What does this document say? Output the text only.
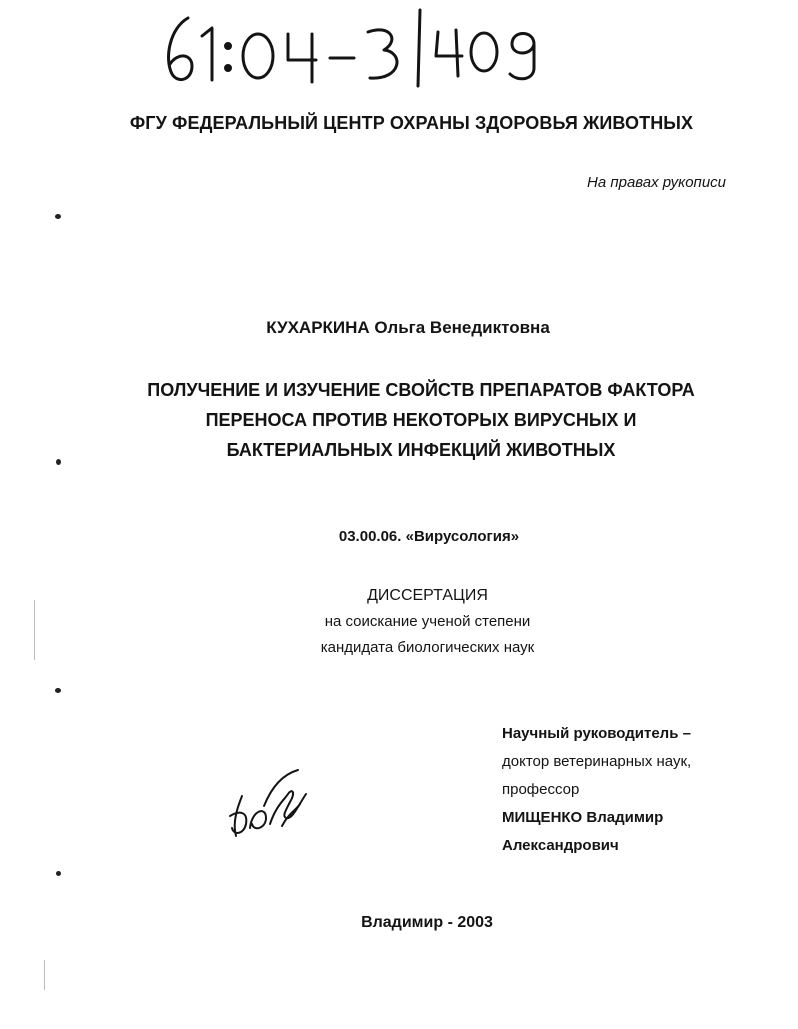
ФГУ ФЕДЕРАЛЬНЫЙ ЦЕНТР ОХРАНЫ ЗДОРОВЬЯ ЖИВОТНЫХ
На правах рукописи
КУХАРКИНА Ольга Венедиктовна
ПОЛУЧЕНИЕ И ИЗУЧЕНИЕ СВОЙСТВ ПРЕПАРАТОВ ФАКТОРА
ПЕРЕНОСА ПРОТИВ НЕКОТОРЫХ ВИРУСНЫХ И
БАКТЕРИАЛЬНЫХ ИНФЕКЦИЙ ЖИВОТНЫХ
03.00.06. «Вирусология»
ДИССЕРТАЦИЯ
на соискание ученой степени
кандидата биологических наук
Научный руководитель –
доктор ветеринарных наук,
профессор
МИЩЕНКО Владимир
Александрович
Владимир - 2003
